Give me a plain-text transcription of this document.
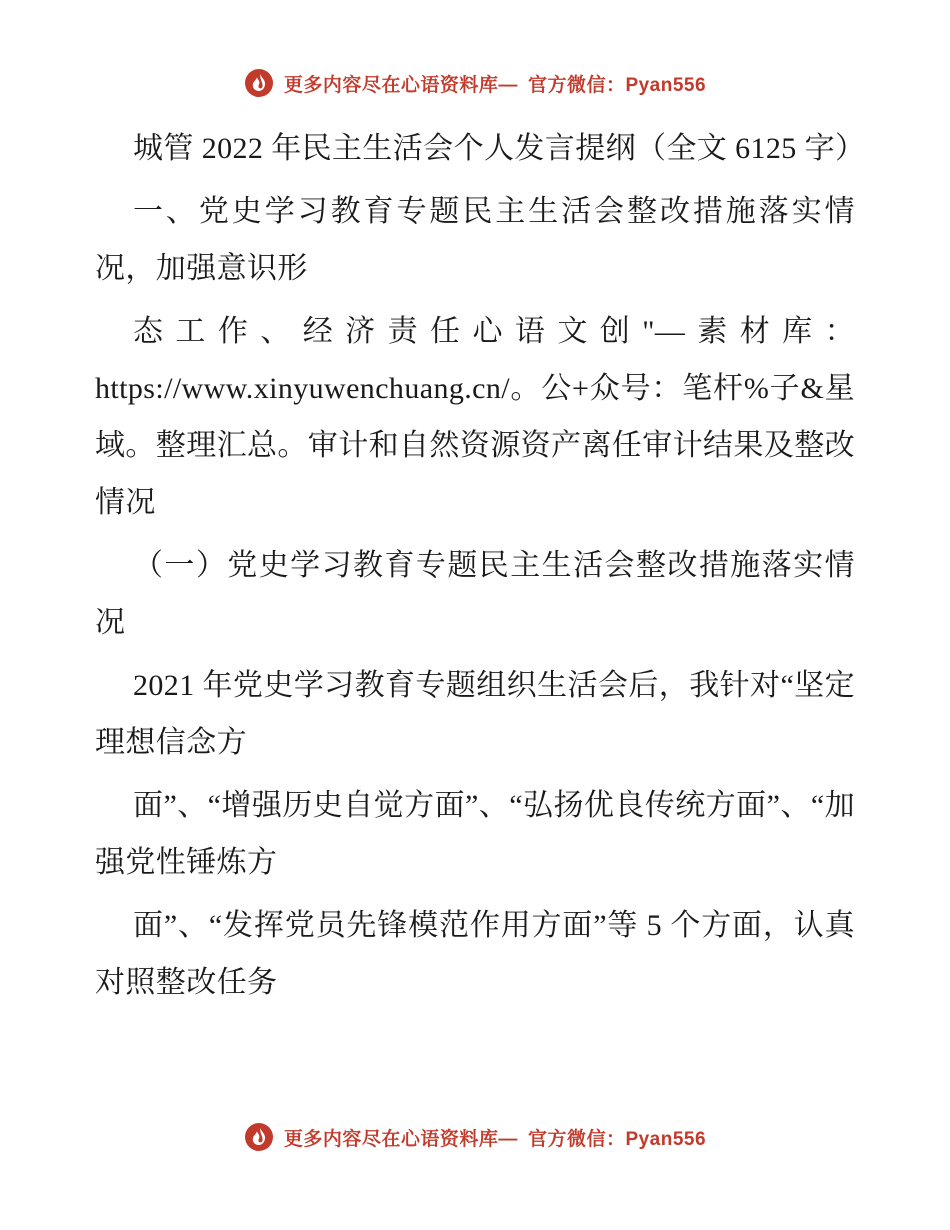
更多内容尽在心语资料库— 官方微信：Pyan556

城管 2022 年民主生活会个人发言提纲（全文 6125 字）

一、党史学习教育专题民主生活会整改措施落实情况，加强意识形

态工作、经济责任心语文创"—素材库：https://www.xinyuwenchuang.cn/。公+众号：笔杆%子&星域。整理汇总。审计和自然资源资产离任审计结果及整改情况

（一）党史学习教育专题民主生活会整改措施落实情况

2021 年党史学习教育专题组织生活会后，我针对“坚定理想信念方

面”、“增强历史自觉方面”、“弘扬优良传统方面”、“加强党性锤炼方

面”、“发挥党员先锋模范作用方面”等 5 个方面，认真对照整改任务

更多内容尽在心语资料库— 官方微信：Pyan556
